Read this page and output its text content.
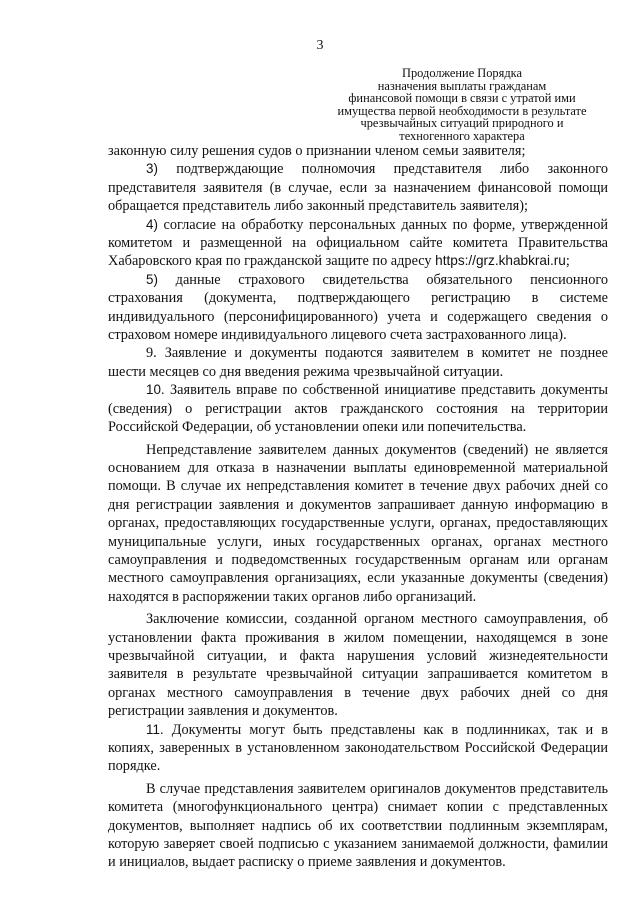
3
Продолжение Порядка
назначения выплаты гражданам
финансовой помощи в связи с утратой ими
имущества первой необходимости в результате
чрезвычайных ситуаций природного и
техногенного характера

законную силу решения судов о признании членом семьи заявителя;

3) подтверждающие полномочия представителя либо законного представителя заявителя (в случае, если за назначением финансовой помощи обращается представитель либо законный представитель заявителя);

4) согласие на обработку персональных данных по форме, утвержденной комитетом и размещенной на официальном сайте комитета Правительства Хабаровского края по гражданской защите по адресу https://grz.khabkrai.ru;

5) данные страхового свидетельства обязательного пенсионного страхования (документа, подтверждающего регистрацию в системе индивидуального (персонифицированного) учета и содержащего сведения о страховом номере индивидуального лицевого счета застрахованного лица).

9. Заявление и документы подаются заявителем в комитет не позднее шести месяцев со дня введения режима чрезвычайной ситуации.

10. Заявитель вправе по собственной инициативе представить документы (сведения) о регистрации актов гражданского состояния на территории Российской Федерации, об установлении опеки или попечительства.

Непредставление заявителем данных документов (сведений) не является основанием для отказа в назначении выплаты единовременной материальной помощи. В случае их непредставления комитет в течение двух рабочих дней со дня регистрации заявления и документов запрашивает данную информацию в органах, предоставляющих государственные услуги, органах, предоставляющих муниципальные услуги, иных государственных органах, органах местного самоуправления и подведомственных государственным органам или органам местного самоуправления организациях, если указанные документы (сведения) находятся в распоряжении таких органов либо организаций.

Заключение комиссии, созданной органом местного самоуправления, об установлении факта проживания в жилом помещении, находящемся в зоне чрезвычайной ситуации, и факта нарушения условий жизнедеятельности заявителя в результате чрезвычайной ситуации запрашивается комитетом в органах местного самоуправления в течение двух рабочих дней со дня регистрации заявления и документов.

11. Документы могут быть представлены как в подлинниках, так и в копиях, заверенных в установленном законодательством Российской Федерации порядке.

В случае представления заявителем оригиналов документов представитель комитета (многофункционального центра) снимает копии с представленных документов, выполняет надпись об их соответствии подлинным экземплярам, которую заверяет своей подписью с указанием занимаемой должности, фамилии и инициалов, выдает расписку о приеме заявления и документов.
